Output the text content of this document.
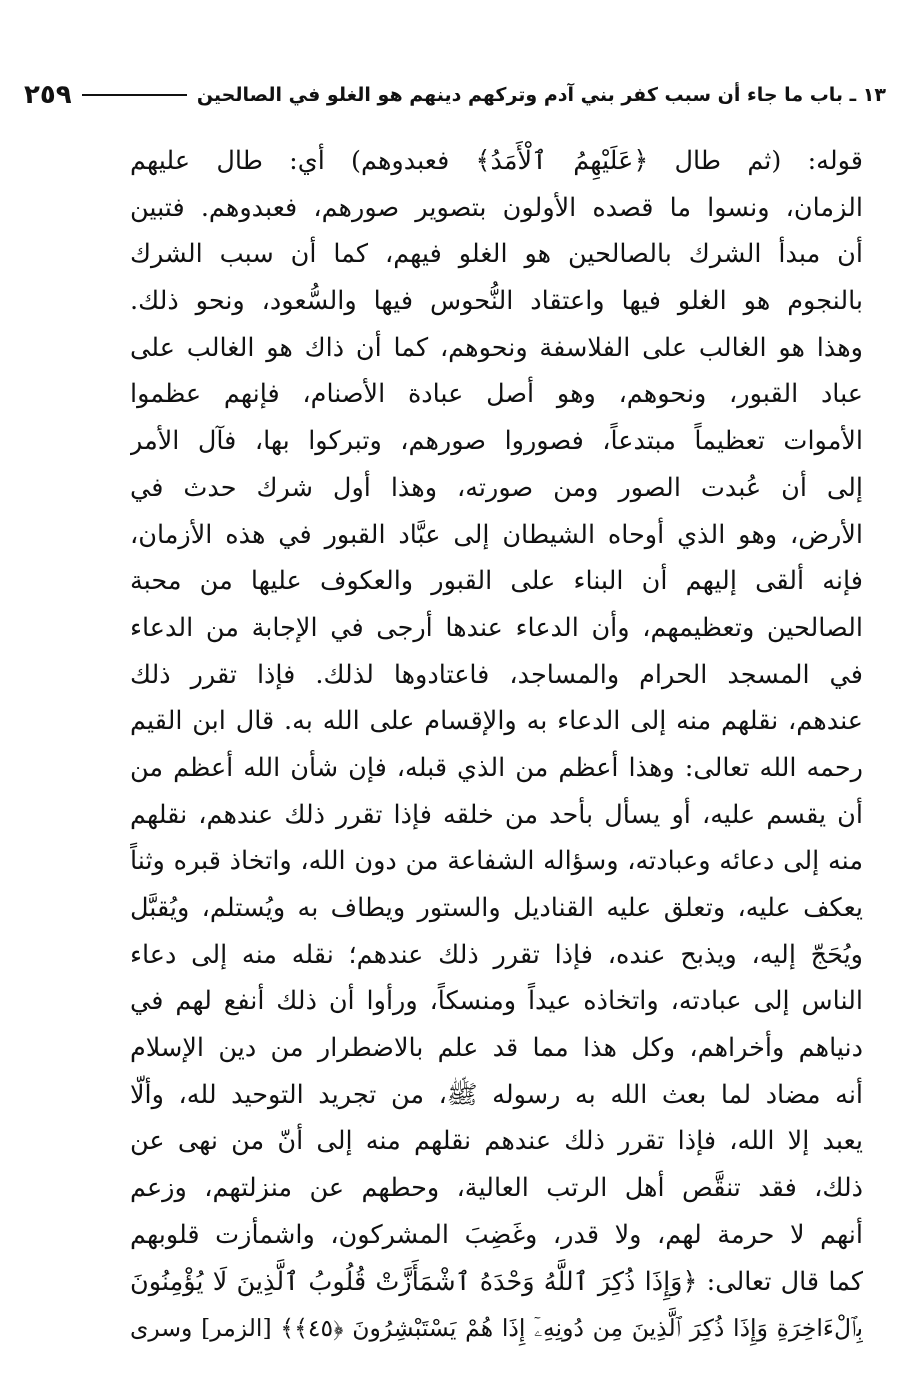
١٣ ـ باب ما جاء أن سبب كفر بني آدم وتركهم دينهم هو الغلو في الصالحين
٢٥٩
قوله: (ثم طال ﴿عَلَيْهِمُ ٱلْأَمَدُ﴾ فعبدوهم) أي: طال عليهم
الزمان، ونسوا ما قصده الأولون بتصوير صورهم، فعبدوهم. فتبين
أن مبدأ الشرك بالصالحين هو الغلو فيهم، كما أن سبب الشرك
بالنجوم هو الغلو فيها واعتقاد النُّحوس فيها والسُّعود، ونحو ذلك.
وهذا هو الغالب على الفلاسفة ونحوهم، كما أن ذاك هو الغالب على
عباد القبور، ونحوهم، وهو أصل عبادة الأصنام، فإنهم عظموا
الأموات تعظيماً مبتدعاً، فصوروا صورهم، وتبركوا بها، فآل الأمر
إلى أن عُبدت الصور ومن صورته، وهذا أول شرك حدث في
الأرض، وهو الذي أوحاه الشيطان إلى عبَّاد القبور في هذه الأزمان،
فإنه ألقى إليهم أن البناء على القبور والعكوف عليها من محبة
الصالحين وتعظيمهم، وأن الدعاء عندها أرجى في الإجابة من الدعاء
في المسجد الحرام والمساجد، فاعتادوها لذلك. فإذا تقرر ذلك
عندهم، نقلهم منه إلى الدعاء به والإقسام على الله به. قال ابن القيم
رحمه الله تعالى: وهذا أعظم من الذي قبله، فإن شأن الله أعظم من
أن يقسم عليه، أو يسأل بأحد من خلقه فإذا تقرر ذلك عندهم، نقلهم
منه إلى دعائه وعبادته، وسؤاله الشفاعة من دون الله، واتخاذ قبره وثناً
يعكف عليه، وتعلق عليه القناديل والستور ويطاف به ويُستلم، ويُقبَّل
ويُحَجّ إليه، ويذبح عنده، فإذا تقرر ذلك عندهم؛ نقله منه إلى دعاء
الناس إلى عبادته، واتخاذه عيداً ومنسكاً، ورأوا أن ذلك أنفع لهم في
دنياهم وأخراهم، وكل هذا مما قد علم بالاضطرار من دين الإسلام
أنه مضاد لما بعث الله به رسوله ﷺ، من تجريد التوحيد لله، وألّا
يعبد إلا الله، فإذا تقرر ذلك عندهم نقلهم منه إلى أنّ من نهى عن
ذلك، فقد تنقَّص أهل الرتب العالية، وحطهم عن منزلتهم، وزعم
أنهم لا حرمة لهم، ولا قدر، وغَضِبَ المشركون، واشمأزت قلوبهم
كما قال تعالى: ﴿وَإِذَا ذُكِرَ ٱللَّهُ وَحْدَهُ ٱشْمَأَزَّتْ قُلُوبُ ٱلَّذِينَ لَا يُؤْمِنُونَ
بِٱلْءَاخِرَةِ وَإِذَا ذُكِرَ ٱلَّذِينَ مِن دُونِهِۦٓ إِذَا هُمْ يَسْتَبْشِرُونَ ﴿٤٥﴾﴾ [الزمر] وسرى
